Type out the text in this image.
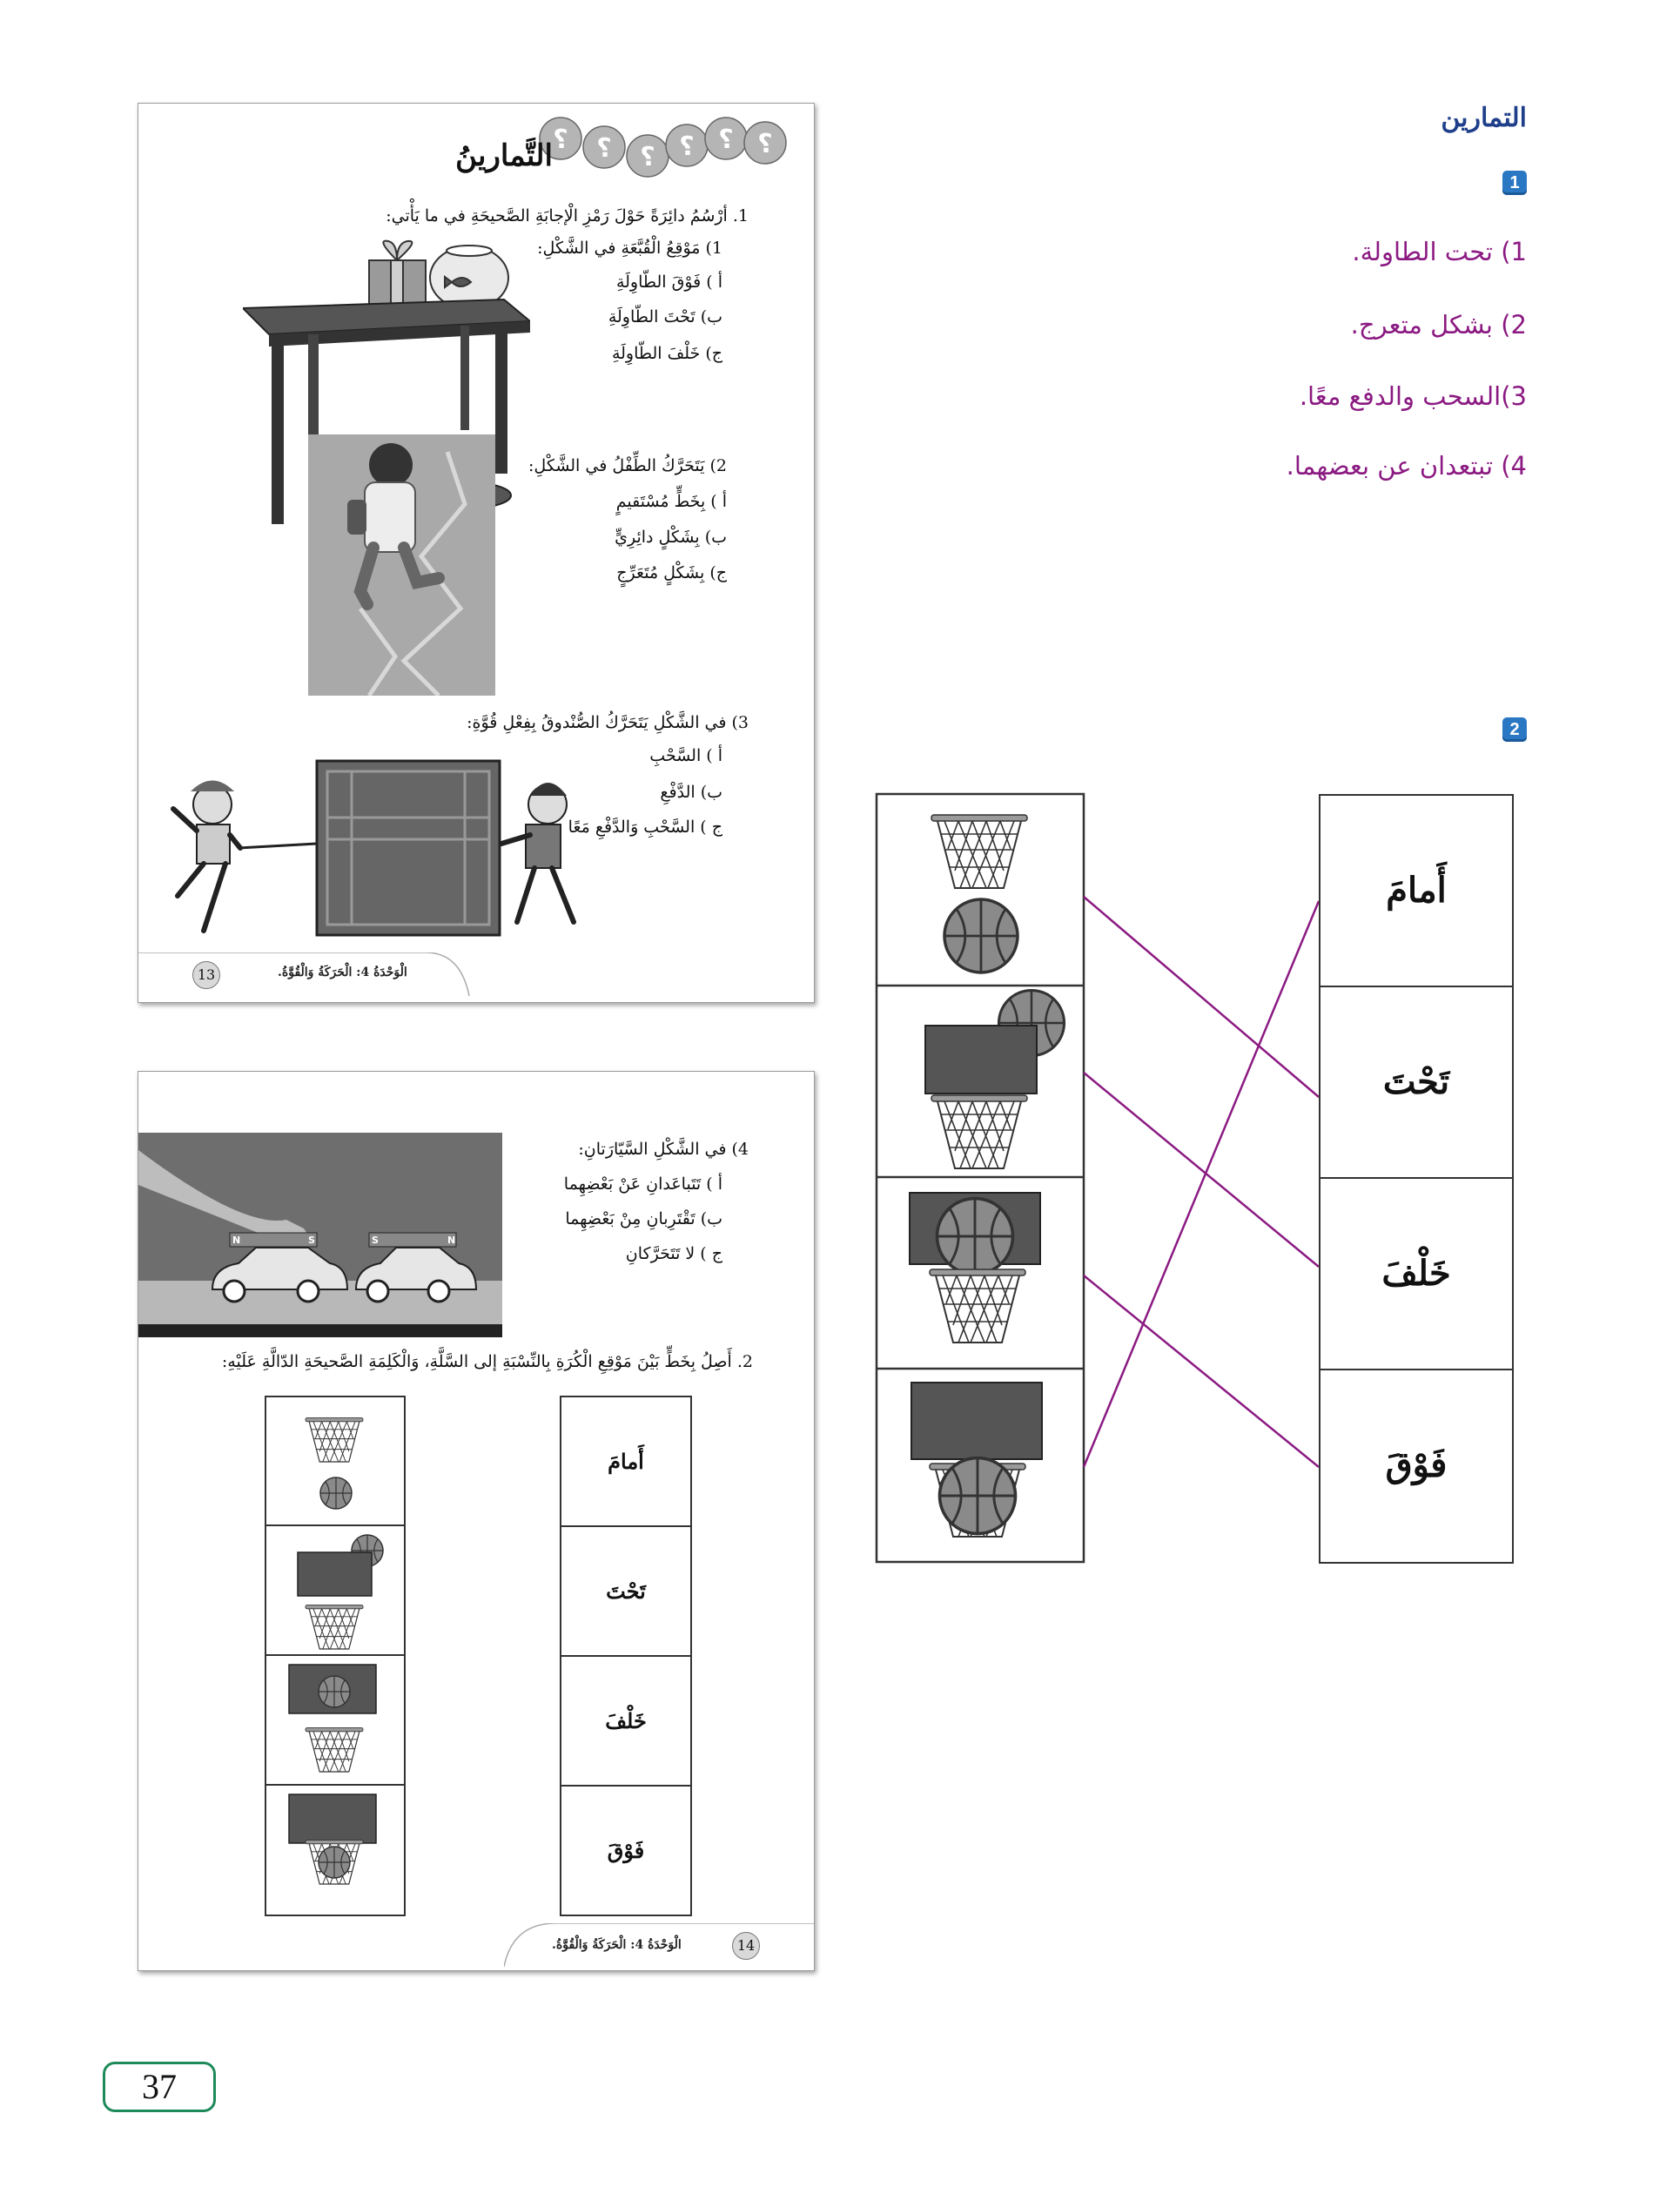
؟ ؟ ؟ ؟ ؟ ؟
التَّمارينُ
1. أرْسُمُ دائِرَةً حَوْلَ رَمْزِ الْإجابَةِ الصَّحيحَةِ في ما يَأْتي:
1) مَوْقِعُ الْقُبَّعَةِ في الشَّكْلِ:
أ ) فَوْقَ الطّاوِلَةِ
ب) تَحْتَ الطّاوِلَةِ
ج) خَلْفَ الطّاوِلَةِ
2) يَتَحَرَّكُ الطِّفْلُ في الشَّكْلِ:
أ ) بِخَطٍّ مُسْتَقيمٍ
ب) بِشَكْلٍ دائِرِيٍّ
ج) بِشَكْلٍ مُتَعَرِّجٍ
3) في الشَّكْلِ يَتَحَرَّكُ الصُّنْدوقُ بِفِعْلِ قُوَّةِ:
أ ) السَّحْبِ
ب) الدَّفْعِ
ج ) السَّحْبِ وَالدَّفْعِ مَعًا
الْوَحْدَةُ 4: الْحَرَكَةُ وَالْقُوَّةُ.
13
N	S	S	N
4) في الشَّكْلِ السَّيّارَتانِ:
أ ) تَتَباعَدانِ عَنْ بَعْضِهِما
ب) تَقْتَرِبانِ مِنْ بَعْضِهِما
ج ) لا تَتَحَرَّكانِ
2. أَصِلُ بِخَطٍّ بَيْنَ مَوْقِعِ الْكُرَةِ بِالنِّسْبَةِ إلى السَّلَّةِ، وَالْكَلِمَةِ الصَّحيحَةِ الدّالَّةِ عَلَيْهِ:
أَمامَ
تَحْتَ
خَلْفَ
فَوْقَ
الْوَحْدَةُ 4: الْحَرَكَةُ وَالْقُوَّةُ.	14
التمارين
1
1) تحت الطاولة.
2) بشكل متعرج.
3)السحب والدفع معًا.
4) تبتعدان عن بعضهما.
2
أَمامَ
تَحْتَ
خَلْفَ
فَوْقَ
37
